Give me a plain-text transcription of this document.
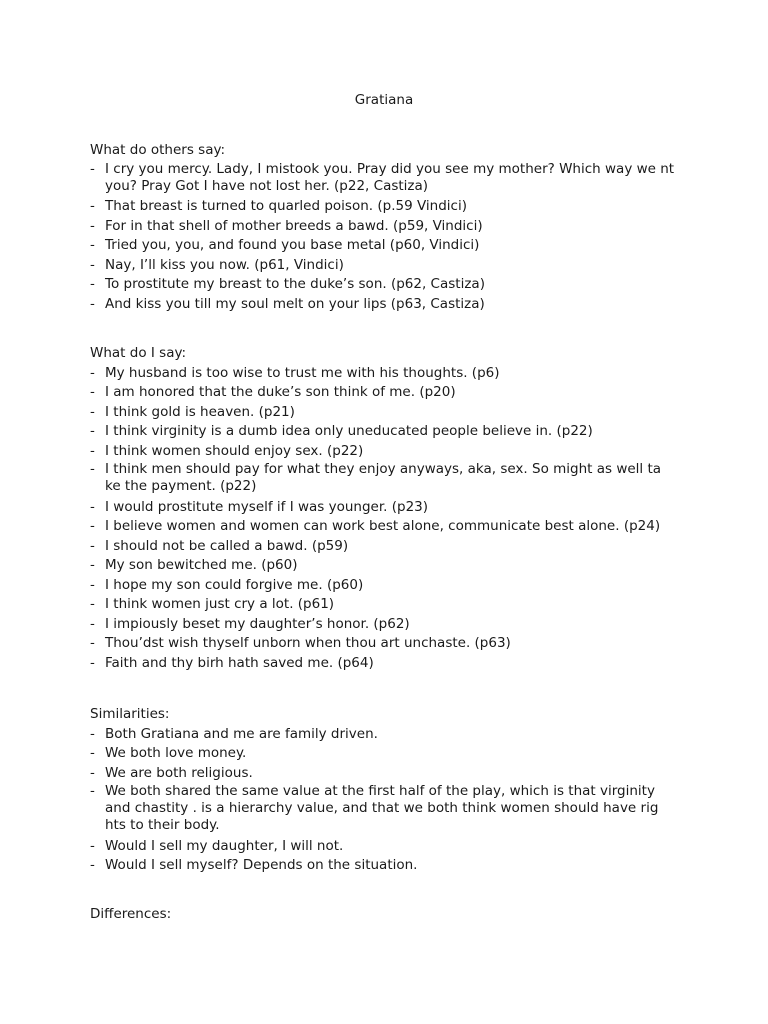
Gratiana

What do others say:

- I cry you mercy. Lady, I mistook you. Pray did you see my mother? Which way we nt you? Pray Got I have not lost her. (p22, Castiza)
- That breast is turned to quarled poison. (p.59 Vindici)
- For in that shell of mother breeds a bawd. (p59, Vindici)
- Tried you, you, and found you base metal (p60, Vindici)
- Nay, I’ll kiss you now. (p61, Vindici)
- To prostitute my breast to the duke’s son. (p62, Castiza)
- And kiss you till my soul melt on your lips (p63, Castiza)

What do I say:

- My husband is too wise to trust me with his thoughts. (p6)
- I am honored that the duke’s son think of me. (p20)
- I think gold is heaven. (p21)
- I think virginity is a dumb idea only uneducated people believe in. (p22)
- I think women should enjoy sex. (p22)
- I think men should pay for what they enjoy anyways, aka, sex. So might as well ta ke the payment. (p22)
- I would prostitute myself if I was younger. (p23)
- I believe women and women can work best alone, communicate best alone. (p24)
- I should not be called a bawd. (p59)
- My son bewitched me. (p60)
- I hope my son could forgive me. (p60)
- I think women just cry a lot. (p61)
- I impiously beset my daughter’s honor. (p62)
- Thou’dst wish thyself unborn when thou art unchaste. (p63)
- Faith and thy birh hath saved me. (p64)

Similarities:

- Both Gratiana and me are family driven.
- We both love money.
- We are both religious.
- We both shared the same value at the first half of the play, which is that virginity and chastity . is a hierarchy value, and that we both think women should have rig hts to their body.
- Would I sell my daughter, I will not.
- Would I sell myself? Depends on the situation.

Differences:
